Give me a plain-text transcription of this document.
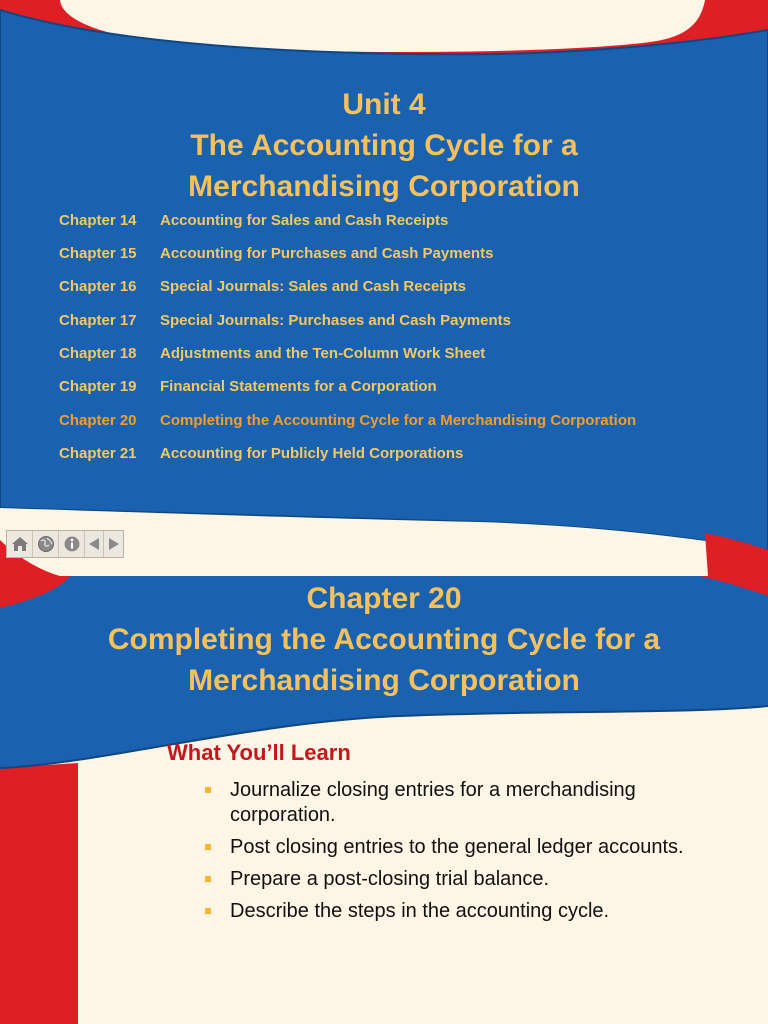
Unit 4
The Accounting Cycle for a
Merchandising Corporation
Chapter 14 Accounting for Sales and Cash Receipts
Chapter 15 Accounting for Purchases and Cash Payments
Chapter 16 Special Journals: Sales and Cash Receipts
Chapter 17 Special Journals: Purchases and Cash Payments
Chapter 18 Adjustments and the Ten-Column Work Sheet
Chapter 19 Financial Statements for a Corporation
Chapter 20 Completing the Accounting Cycle for a Merchandising Corporation
Chapter 21 Accounting for Publicly Held Corporations
Chapter 20
Completing the Accounting Cycle for a
Merchandising Corporation
What You’ll Learn
Journalize closing entries for a merchandising corporation.
Post closing entries to the general ledger accounts.
Prepare a post-closing trial balance.
Describe the steps in the accounting cycle.
